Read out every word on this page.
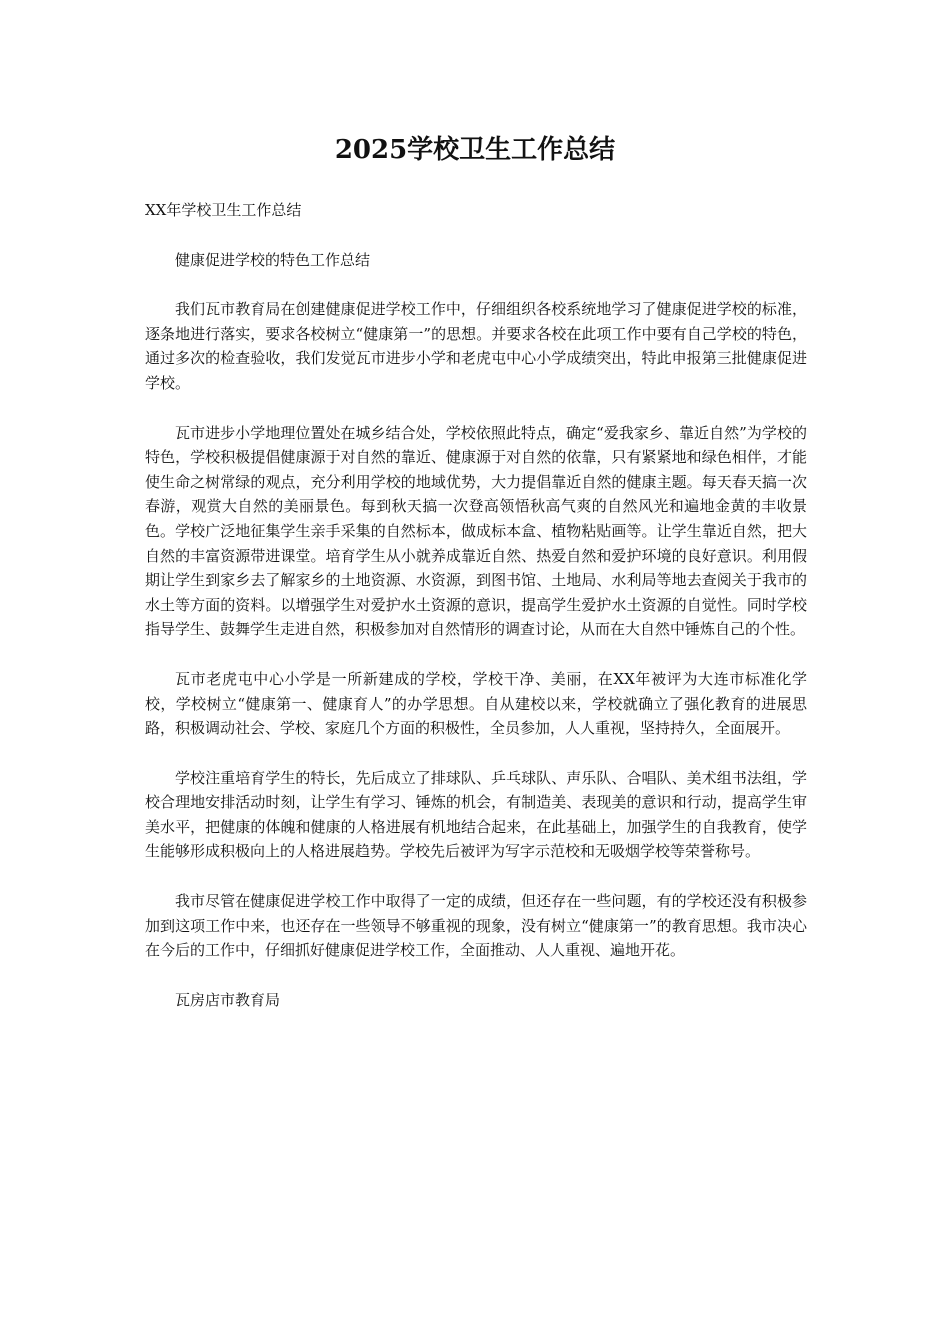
2025学校卫生工作总结

XX年学校卫生工作总结

健康促进学校的特色工作总结

我们瓦市教育局在创建健康促进学校工作中，仔细组织各校系统地学习了健康促进学校的标准，逐条地进行落实，要求各校树立“健康第一”的思想。并要求各校在此项工作中要有自己学校的特色，通过多次的检查验收，我们发觉瓦市进步小学和老虎屯中心小学成绩突出，特此申报第三批健康促进学校。

瓦市进步小学地理位置处在城乡结合处，学校依照此特点，确定“爱我家乡、靠近自然”为学校的特色，学校积极提倡健康源于对自然的靠近、健康源于对自然的依靠，只有紧紧地和绿色相伴，才能使生命之树常绿的观点，充分利用学校的地域优势，大力提倡靠近自然的健康主题。每天春天搞一次春游，观赏大自然的美丽景色。每到秋天搞一次登高领悟秋高气爽的自然风光和遍地金黄的丰收景色。学校广泛地征集学生亲手采集的自然标本，做成标本盒、植物粘贴画等。让学生靠近自然，把大自然的丰富资源带进课堂。培育学生从小就养成靠近自然、热爱自然和爱护环境的良好意识。利用假期让学生到家乡去了解家乡的土地资源、水资源，到图书馆、土地局、水利局等地去查阅关于我市的水土等方面的资料。以增强学生对爱护水土资源的意识，提高学生爱护水土资源的自觉性。同时学校指导学生、鼓舞学生走进自然，积极参加对自然情形的调查讨论，从而在大自然中锤炼自己的个性。

瓦市老虎屯中心小学是一所新建成的学校，学校干净、美丽，在XX年被评为大连市标准化学校，学校树立“健康第一、健康育人”的办学思想。自从建校以来，学校就确立了强化教育的进展思路，积极调动社会、学校、家庭几个方面的积极性，全员参加，人人重视，坚持持久，全面展开。

学校注重培育学生的特长，先后成立了排球队、乒乓球队、声乐队、合唱队、美术组书法组，学校合理地安排活动时刻，让学生有学习、锤炼的机会，有制造美、表现美的意识和行动，提高学生审美水平，把健康的体魄和健康的人格进展有机地结合起来，在此基础上，加强学生的自我教育，使学生能够形成积极向上的人格进展趋势。学校先后被评为写字示范校和无吸烟学校等荣誉称号。

我市尽管在健康促进学校工作中取得了一定的成绩，但还存在一些问题，有的学校还没有积极参加到这项工作中来，也还存在一些领导不够重视的现象，没有树立“健康第一”的教育思想。我市决心在今后的工作中，仔细抓好健康促进学校工作，全面推动、人人重视、遍地开花。

瓦房店市教育局
